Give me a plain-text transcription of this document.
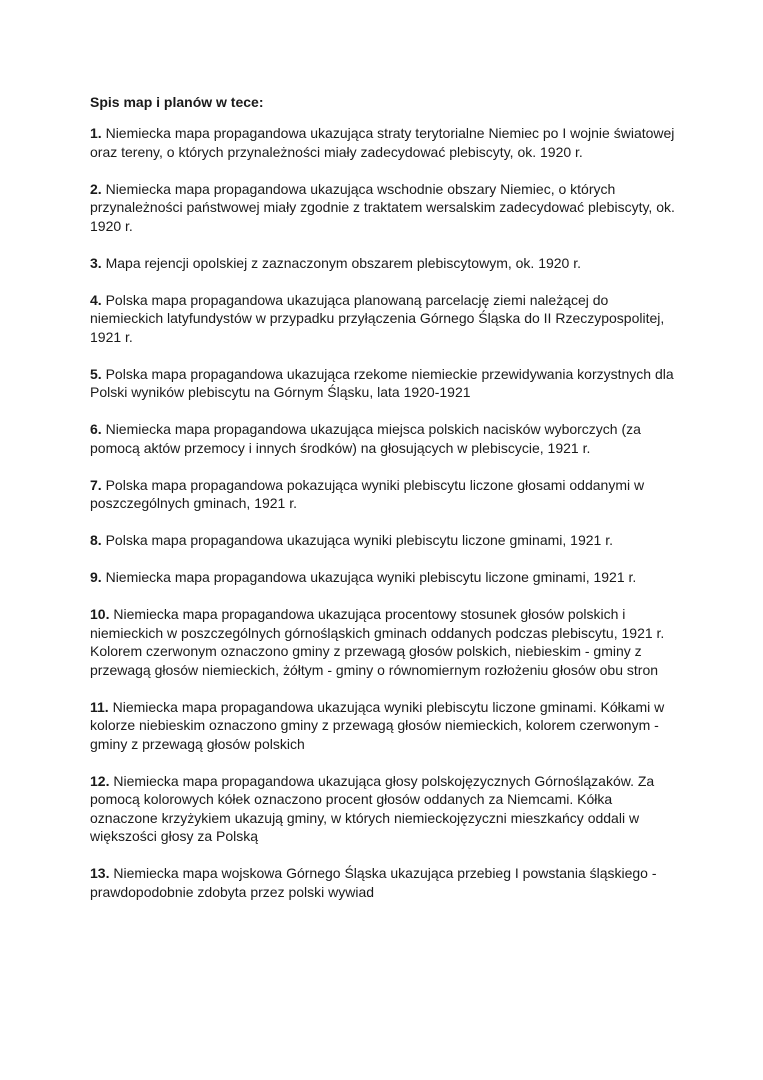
Spis map i planów w tece:
1. Niemiecka mapa propagandowa ukazująca straty terytorialne Niemiec po I wojnie światowej oraz tereny, o których przynależności miały zadecydować plebiscyty, ok. 1920 r.
2. Niemiecka mapa propagandowa ukazująca wschodnie obszary Niemiec, o których przynależności państwowej miały zgodnie z traktatem wersalskim zadecydować plebiscyty, ok. 1920 r.
3. Mapa rejencji opolskiej z zaznaczonym obszarem plebiscytowym, ok. 1920 r.
4. Polska mapa propagandowa ukazująca planowaną parcelację ziemi należącej do niemieckich latyfundystów w przypadku przyłączenia Górnego Śląska do II Rzeczypospolitej, 1921 r.
5. Polska mapa propagandowa ukazująca rzekome niemieckie przewidywania korzystnych dla Polski wyników plebiscytu na Górnym Śląsku, lata 1920-1921
6. Niemiecka mapa propagandowa ukazująca miejsca polskich nacisków wyborczych (za pomocą aktów przemocy i innych środków) na głosujących w plebiscycie, 1921 r.
7. Polska mapa propagandowa pokazująca wyniki plebiscytu liczone głosami oddanymi w poszczególnych gminach, 1921 r.
8. Polska mapa propagandowa ukazująca wyniki plebiscytu liczone gminami, 1921 r.
9. Niemiecka mapa propagandowa ukazująca wyniki plebiscytu liczone gminami, 1921 r.
10. Niemiecka mapa propagandowa ukazująca procentowy stosunek głosów polskich i niemieckich w poszczególnych górnośląskich gminach oddanych podczas plebiscytu, 1921 r. Kolorem czerwonym oznaczono gminy z przewagą głosów polskich, niebieskim - gminy z przewagą głosów niemieckich, żółtym - gminy o równomiernym rozłożeniu głosów obu stron
11. Niemiecka mapa propagandowa ukazująca wyniki plebiscytu liczone gminami. Kółkami w kolorze niebieskim oznaczono gminy z przewagą głosów niemieckich, kolorem czerwonym - gminy z przewagą głosów polskich
12. Niemiecka mapa propagandowa ukazująca głosy polskojęzycznych Górnoślązaków. Za pomocą kolorowych kółek oznaczono procent głosów oddanych za Niemcami. Kółka oznaczone krzyżykiem ukazują gminy, w których niemieckojęzyczni mieszkańcy oddali w większości głosy za Polską
13. Niemiecka mapa wojskowa Górnego Śląska ukazująca przebieg I powstania śląskiego - prawdopodobnie zdobyta przez polski wywiad
